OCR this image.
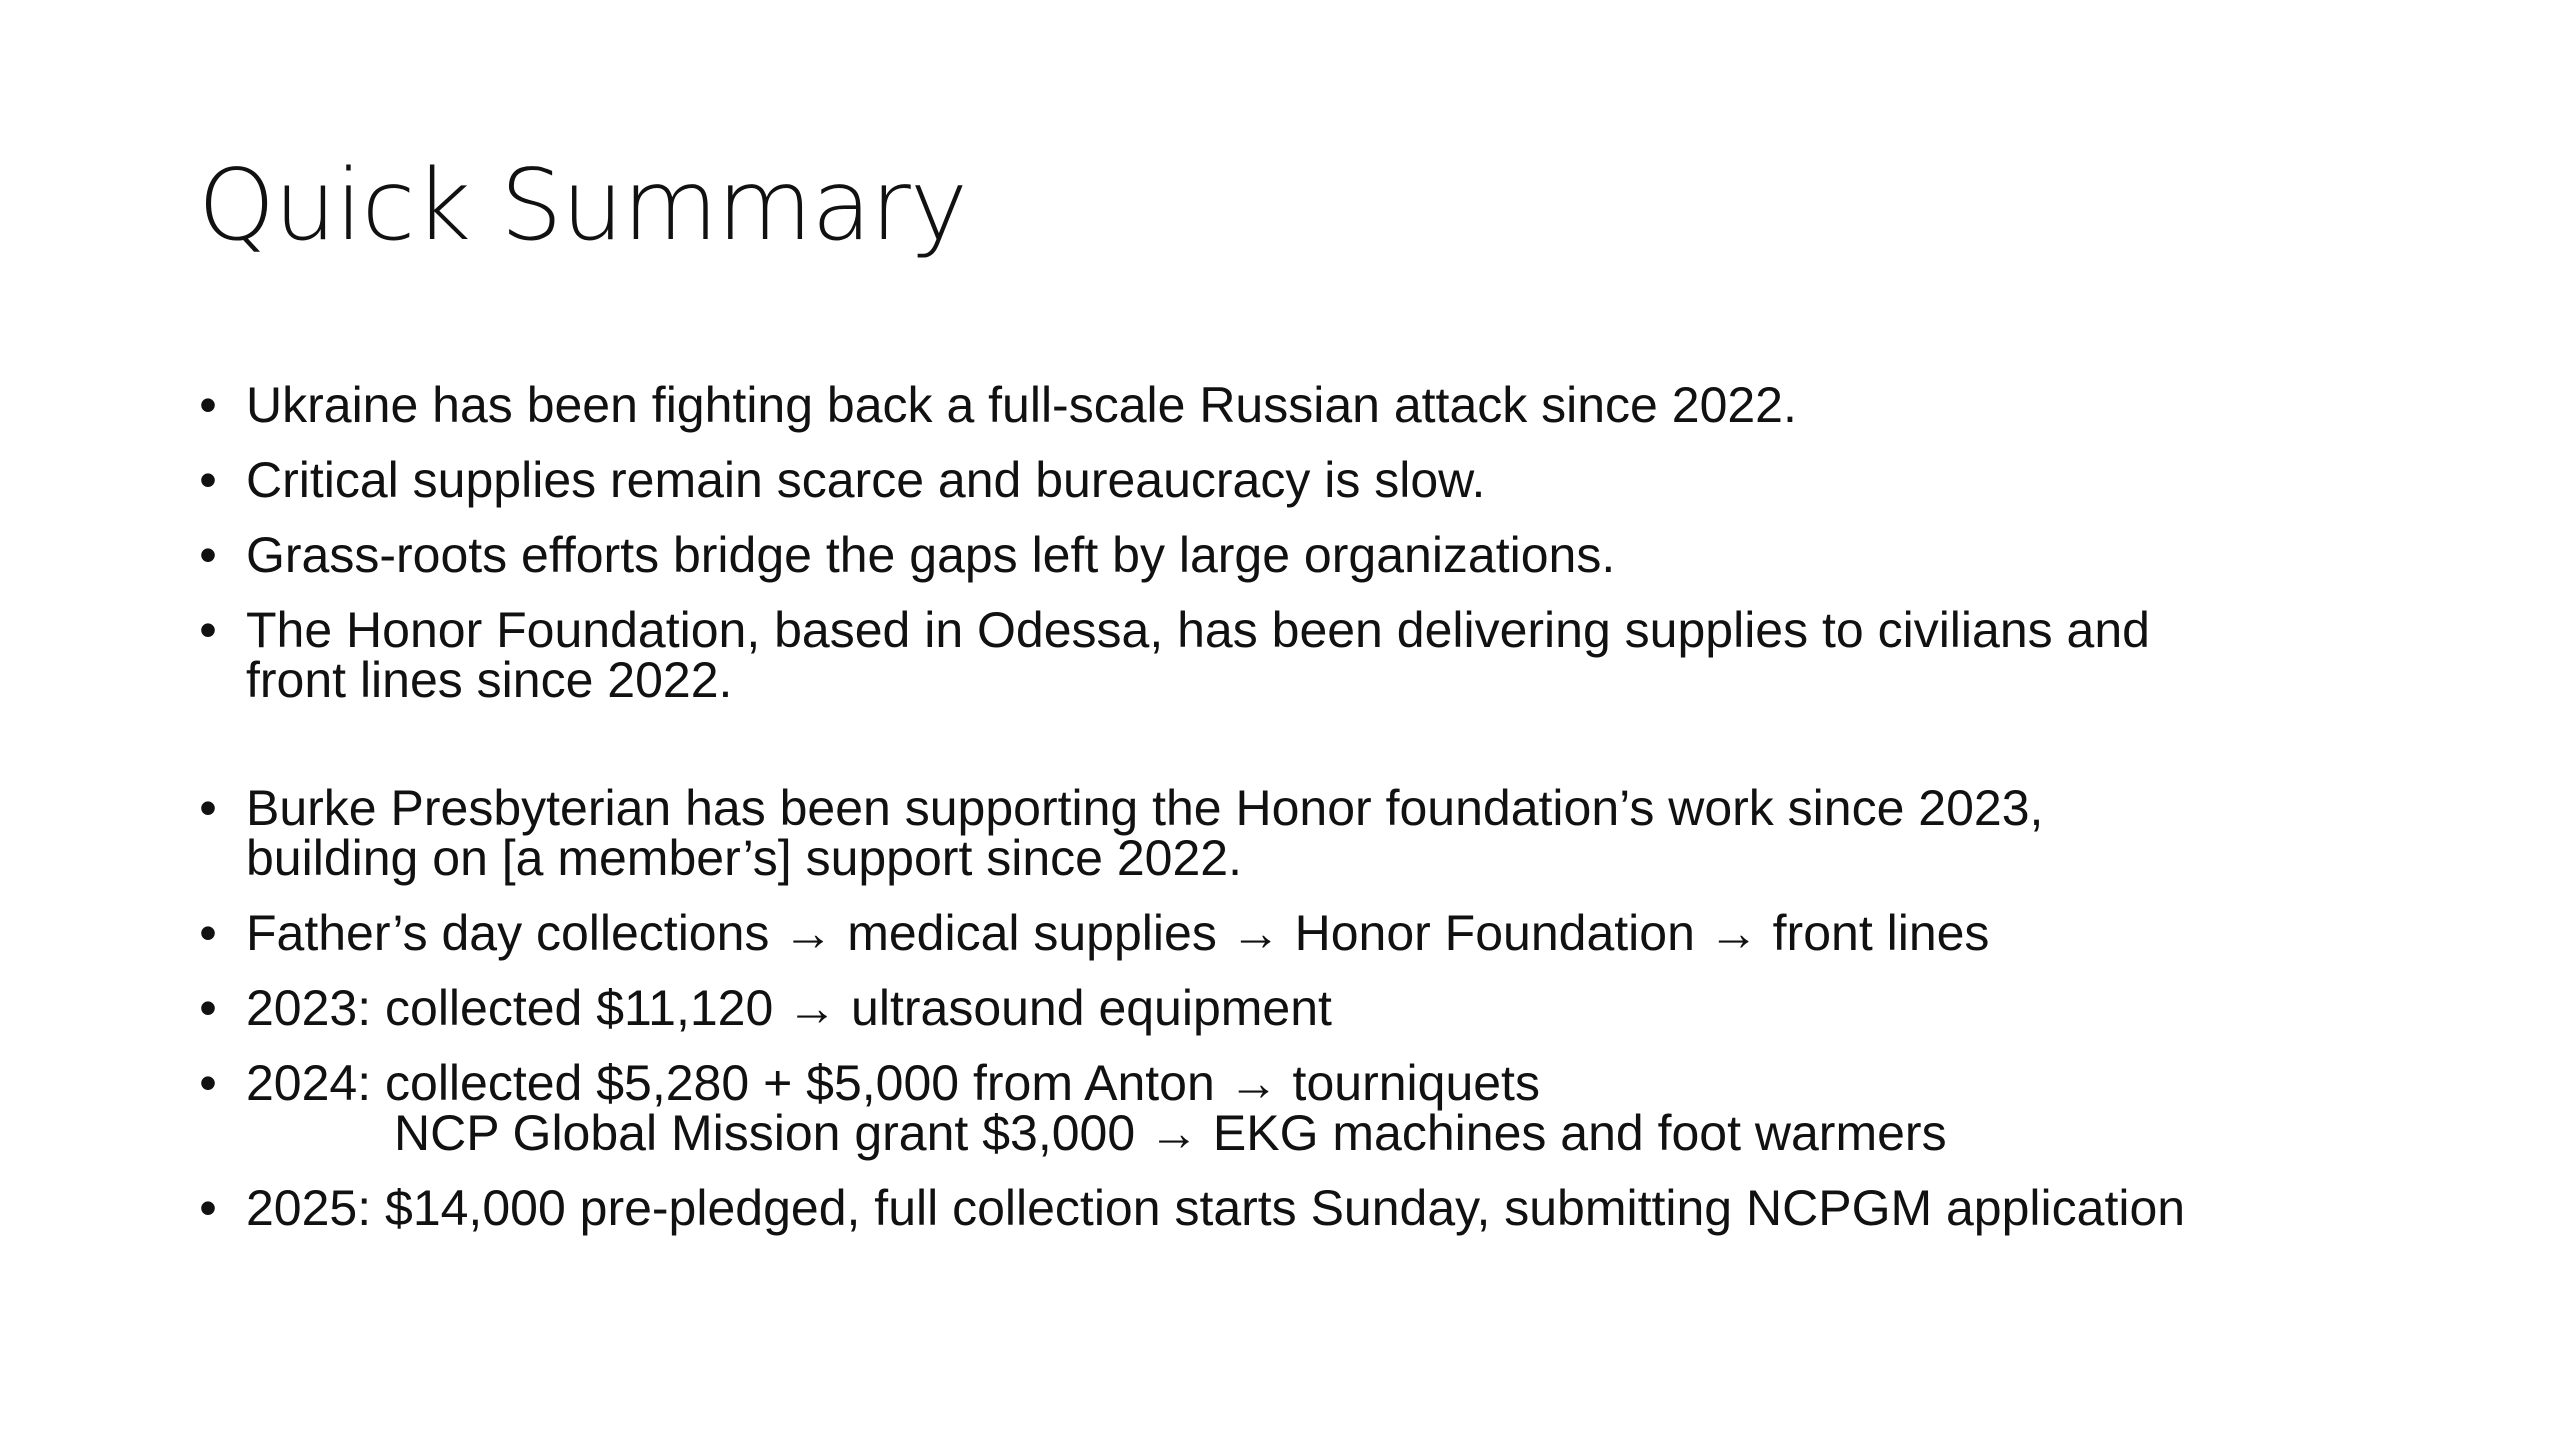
Quick Summary
• Ukraine has been fighting back a full-scale Russian attack since 2022.
• Critical supplies remain scarce and bureaucracy is slow.
• Grass-roots efforts bridge the gaps left by large organizations.
• The Honor Foundation, based in Odessa, has been delivering supplies to civilians and
front lines since 2022.
• Burke Presbyterian has been supporting the Honor foundation’s work since 2023,
building on [a member’s] support since 2022.
• Father’s day collections → medical supplies → Honor Foundation → front lines
• 2023: collected $11,120 → ultrasound equipment
• 2024: collected $5,280 + $5,000 from Anton → tourniquets
NCP Global Mission grant $3,000 → EKG machines and foot warmers
• 2025: $14,000 pre-pledged, full collection starts Sunday, submitting NCPGM application
